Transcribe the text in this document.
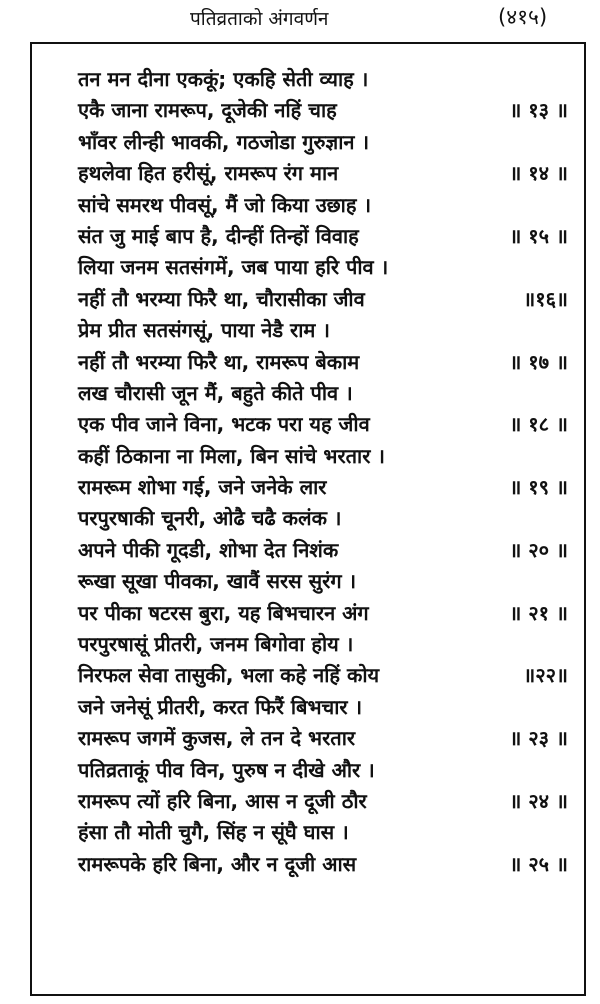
पतिव्रताको अंगवर्णन	(४१५)
तन मन दीना एककूं; एकहि सेती व्याह ।
एकै जाना रामरूप, दूजेकी नहिं चाह	॥ १३ ॥
भाँवर लीन्ही भावकी, गठजोडा गुरुज्ञान ।
हथलेवा हित हरीसूं, रामरूप रंग मान	॥ १४ ॥
सांचे समरथ पीवसूं, मैं जो किया उछाह ।
संत जु माई बाप है, दीन्हीं तिन्हों विवाह	॥ १५ ॥
लिया जनम सतसंगमें, जब पाया हरि पीव ।
नहीं तौ भरम्या फिरै था, चौरासीका जीव	॥१६॥
प्रेम प्रीत सतसंगसूं, पाया नेडै राम ।
नहीं तौ भरम्या फिरै था, रामरूप बेकाम	॥ १७ ॥
लख चौरासी जून मैं, बहुते कीते पीव ।
एक पीव जाने विना, भटक परा यह जीव	॥ १८ ॥
कहीं ठिकाना ना मिला, बिन सांचे भरतार ।
रामरूम शोभा गई, जने जनेके लार	॥ १९ ॥
परपुरषाकी चूनरी, ओढै चढै कलंक ।
अपने पीकी गूदडी, शोभा देत निशंक	॥ २० ॥
रूखा सूखा पीवका, खावैं सरस सुरंग ।
पर पीका षटरस बुरा, यह बिभचारन अंग	॥ २१ ॥
परपुरषासूं प्रीतरी, जनम बिगोवा होय ।
निरफल सेवा तासुकी, भला कहे नहिं कोय	॥२२॥
जने जनेसूं प्रीतरी, करत फिरैं बिभचार ।
रामरूप जगमें कुजस, ले तन दे भरतार	॥ २३ ॥
पतिव्रताकूं पीव विन, पुरुष न दीखे और ।
रामरूप त्यों हरि बिना, आस न दूजी ठौर	॥ २४ ॥
हंसा तौ मोती चुगै, सिंह न सूंघै घास ।
रामरूपके हरि बिना, और न दूजी आस	॥ २५ ॥
